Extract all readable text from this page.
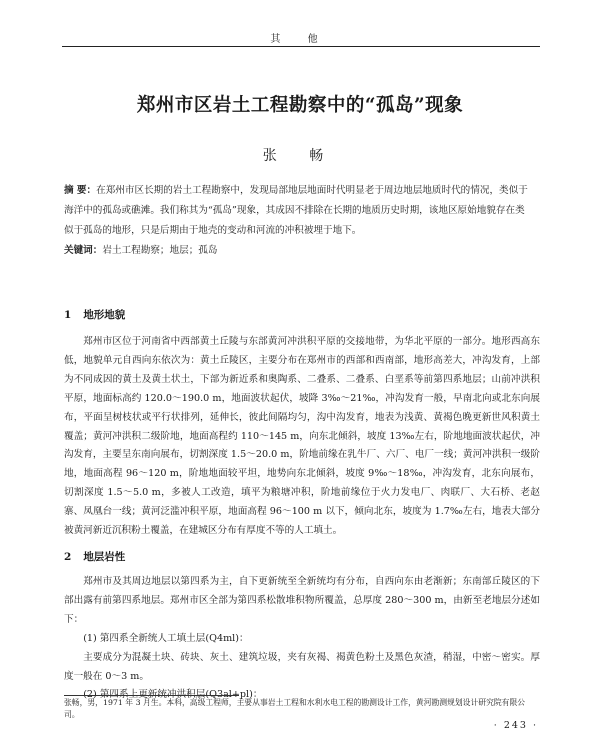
其 他
郑州市区岩土工程勘察中的“孤岛”现象
张 畅

摘 要：在郑州市区长期的岩土工程勘察中，发现局部地层地面时代明显老于周边地层地质时代的情况，类似于海洋中的孤岛或礁滩。我们称其为“孤岛”现象，其成因不排除在长期的地质历史时期，该地区原始地貌存在类似于孤岛的地形，只是后期由于地壳的变动和河流的冲积被埋于地下。

关键词：岩土工程勘察；地层；孤岛

1 地形地貌

郑州市区位于河南省中西部黄土丘陵与东部黄河冲洪积平原的交接地带，为华北平原的一部分。地形西高东低，地貌单元自西向东依次为：黄土丘陵区，主要分布在郑州市的西部和西南部，地形高差大，冲沟发育，上部为不同成因的黄土及黄土状土，下部为新近系和奥陶系、二叠系、二叠系、白垩系等前第四系地层；山前冲洪积平原，地面标高约 120.0～190.0 m，地面波状起伏，坡降 3‰～21‰，冲沟发育一般，早南北向或北东向展布，平面呈树枝状或平行状排列，延伸长，彼此间隔均匀，沟中沟发育，地表为浅黄、黄褐色晚更新世风积黄土覆盖；黄河冲洪积二级阶地，地面高程约 110～145 m，向东北倾斜，坡度 13‰左右，阶地地面波状起伏，冲沟发育，主要呈东南向展布，切割深度 1.5～20.0 m，阶地前缘在乳牛厂、六厂、电厂一线；黄河冲洪积一级阶地，地面高程 96～120 m，阶地地面较平坦，地势向东北倾斜，坡度 9‰～18‰，冲沟发育，北东向展布，切割深度 1.5～5.0 m，多被人工改造，填平为粮塘冲积，阶地前缘位于火力发电厂、肉联厂、大石桥、老赵寨、凤凰台一线；黄河泛滥冲积平原，地面高程 96～100 m 以下，倾向北东，坡度为 1.7‰左右，地表大部分被黄河新近沉积粉土覆盖，在建城区分布有厚度不等的人工填土。

2 地层岩性

郑州市及其周边地层以第四系为主，自下更新统至全新统均有分布，自西向东由老渐新；东南部丘陵区的下部出露有前第四系地层。郑州市区全部为第四系松散堆积物所覆盖，总厚度 280～300 m，由新至老地层分述如下：

(1) 第四系全新统人工填土层(Q4ml)：

主要成分为混凝土块、砖块、灰土、建筑垃圾，夹有灰褐、褐黄色粉土及黑色灰渣，稍湿，中密～密实。厚度一般在 0～3 m。

(2) 第四系上更新统冲洪积层(Q3al+pl)：

张畅，男，1971 年 3 月生。本科，高级工程师，主要从事岩土工程和水利水电工程的勘测设计工作，黄河勘测规划设计研究院有限公司。
· 243 ·
